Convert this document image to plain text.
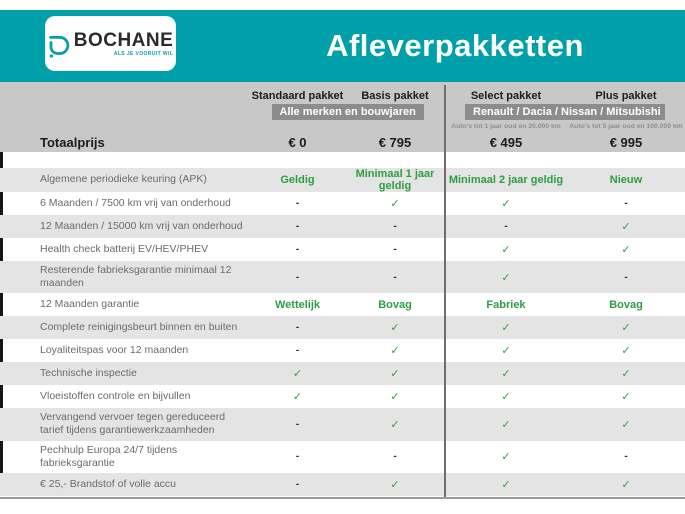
BOCHANE
ALS JE VOORUIT WIL	Afleverpakketten
Standaard pakket	Basis pakket	Select pakket	Plus pakket
Alle merken en bouwjaren	Renault / Dacia / Nissan / Mitsubishi
Auto's tot 1 jaar oud en 20.000 km	Auto's tot 5 jaar oud en 100.000 km
Totaalprijs	€ 0	€ 795	€ 495	€ 995
Algemene periodieke keuring (APK)	Geldig	Minimaal 1 jaar geldig	Minimaal 2 jaar geldig	Nieuw
6 Maanden / 7500 km vrij van onderhoud	-	✓	✓	-
12 Maanden / 15000 km vrij van onderhoud	-	-	-	✓
Health check batterij EV/HEV/PHEV	-	-	✓	✓
Resterende fabrieksgarantie minimaal 12 maanden	-	-	✓	-
12 Maanden garantie	Wettelijk	Bovag	Fabriek	Bovag
Complete reinigingsbeurt binnen en buiten	-	✓	✓	✓
Loyaliteitspas voor 12 maanden	-	✓	✓	✓
Technische inspectie	✓	✓	✓	✓
Vloeistoffen controle en bijvullen	✓	✓	✓	✓
Vervangend vervoer tegen gereduceerd tarief tijdens garantiewerkzaamheden	-	✓	✓	✓
Pechhulp Europa 24/7 tijdens fabrieksgarantie	-	-	✓	-
€ 25,- Brandstof of volle accu	-	✓	✓	✓
